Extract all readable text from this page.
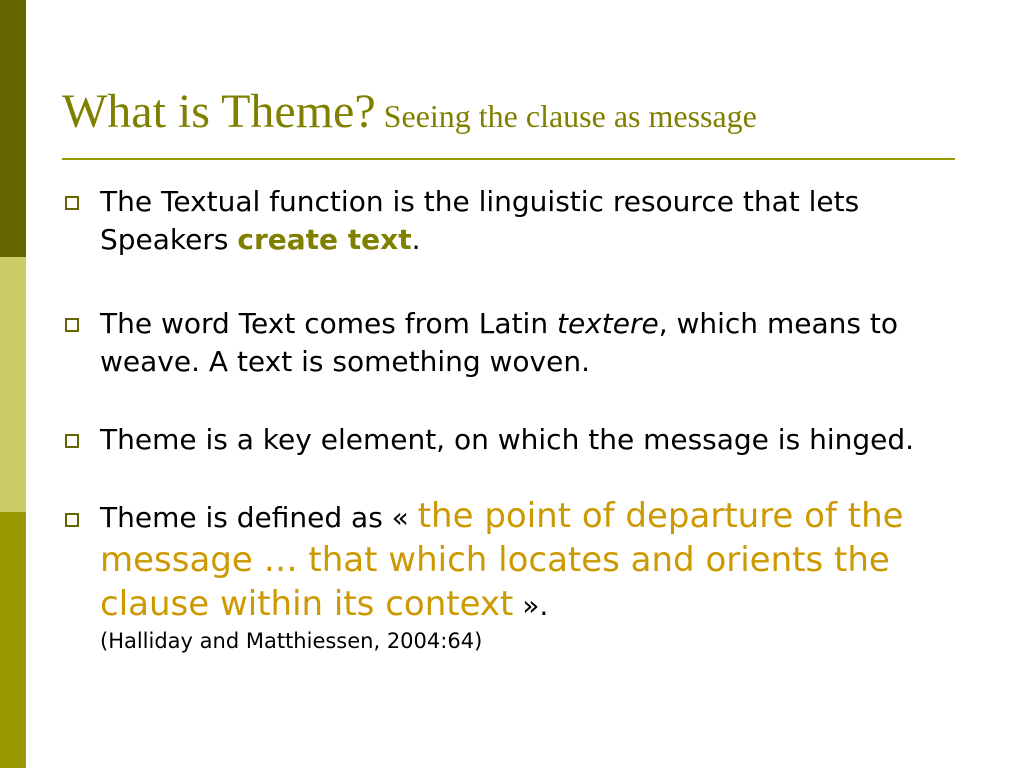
What is Theme? Seeing the clause as message
The Textual function is the linguistic resource that lets Speakers create text.
The word Text comes from Latin textere, which means to weave. A text is something woven.
Theme is a key element, on which the message is hinged.
Theme is defined as « the point of departure of the message … that which locates and orients the clause within its context ».
(Halliday and Matthiessen, 2004:64)
